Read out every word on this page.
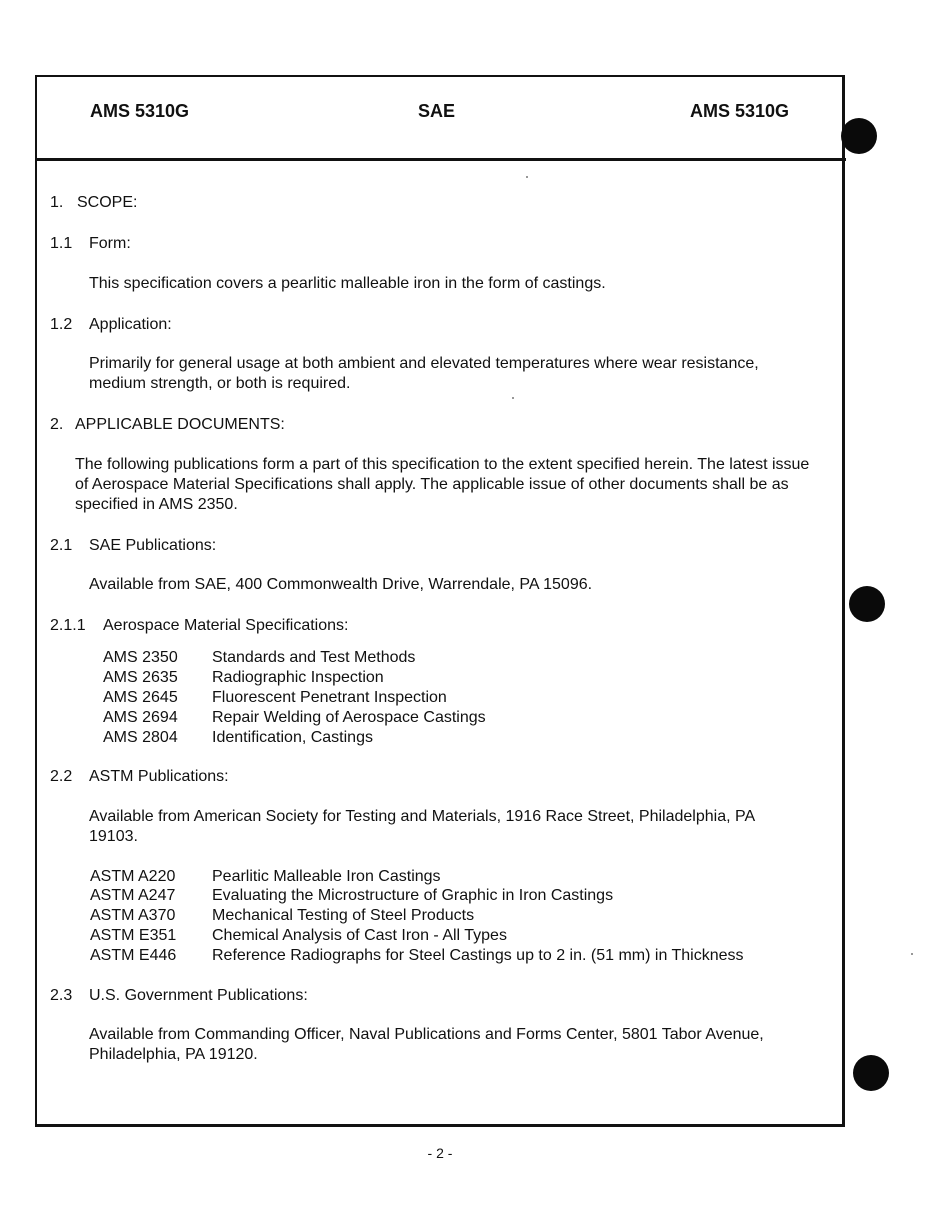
AMS 5310G	SAE	AMS 5310G
1. SCOPE:
1.1 Form:
This specification covers a pearlitic malleable iron in the form of castings.
1.2 Application:
Primarily for general usage at both ambient and elevated temperatures where wear resistance, medium strength, or both is required.
2. APPLICABLE DOCUMENTS:
The following publications form a part of this specification to the extent specified herein. The latest issue of Aerospace Material Specifications shall apply. The applicable issue of other documents shall be as specified in AMS 2350.
2.1 SAE Publications:
Available from SAE, 400 Commonwealth Drive, Warrendale, PA 15096.
2.1.1 Aerospace Material Specifications:
AMS 2350 Standards and Test Methods
AMS 2635 Radiographic Inspection
AMS 2645 Fluorescent Penetrant Inspection
AMS 2694 Repair Welding of Aerospace Castings
AMS 2804 Identification, Castings
2.2 ASTM Publications:
Available from American Society for Testing and Materials, 1916 Race Street, Philadelphia, PA 19103.
ASTM A220 Pearlitic Malleable Iron Castings
ASTM A247 Evaluating the Microstructure of Graphic in Iron Castings
ASTM A370 Mechanical Testing of Steel Products
ASTM E351 Chemical Analysis of Cast Iron - All Types
ASTM E446 Reference Radiographs for Steel Castings up to 2 in. (51 mm) in Thickness
2.3 U.S. Government Publications:
Available from Commanding Officer, Naval Publications and Forms Center, 5801 Tabor Avenue, Philadelphia, PA 19120.
- 2 -
